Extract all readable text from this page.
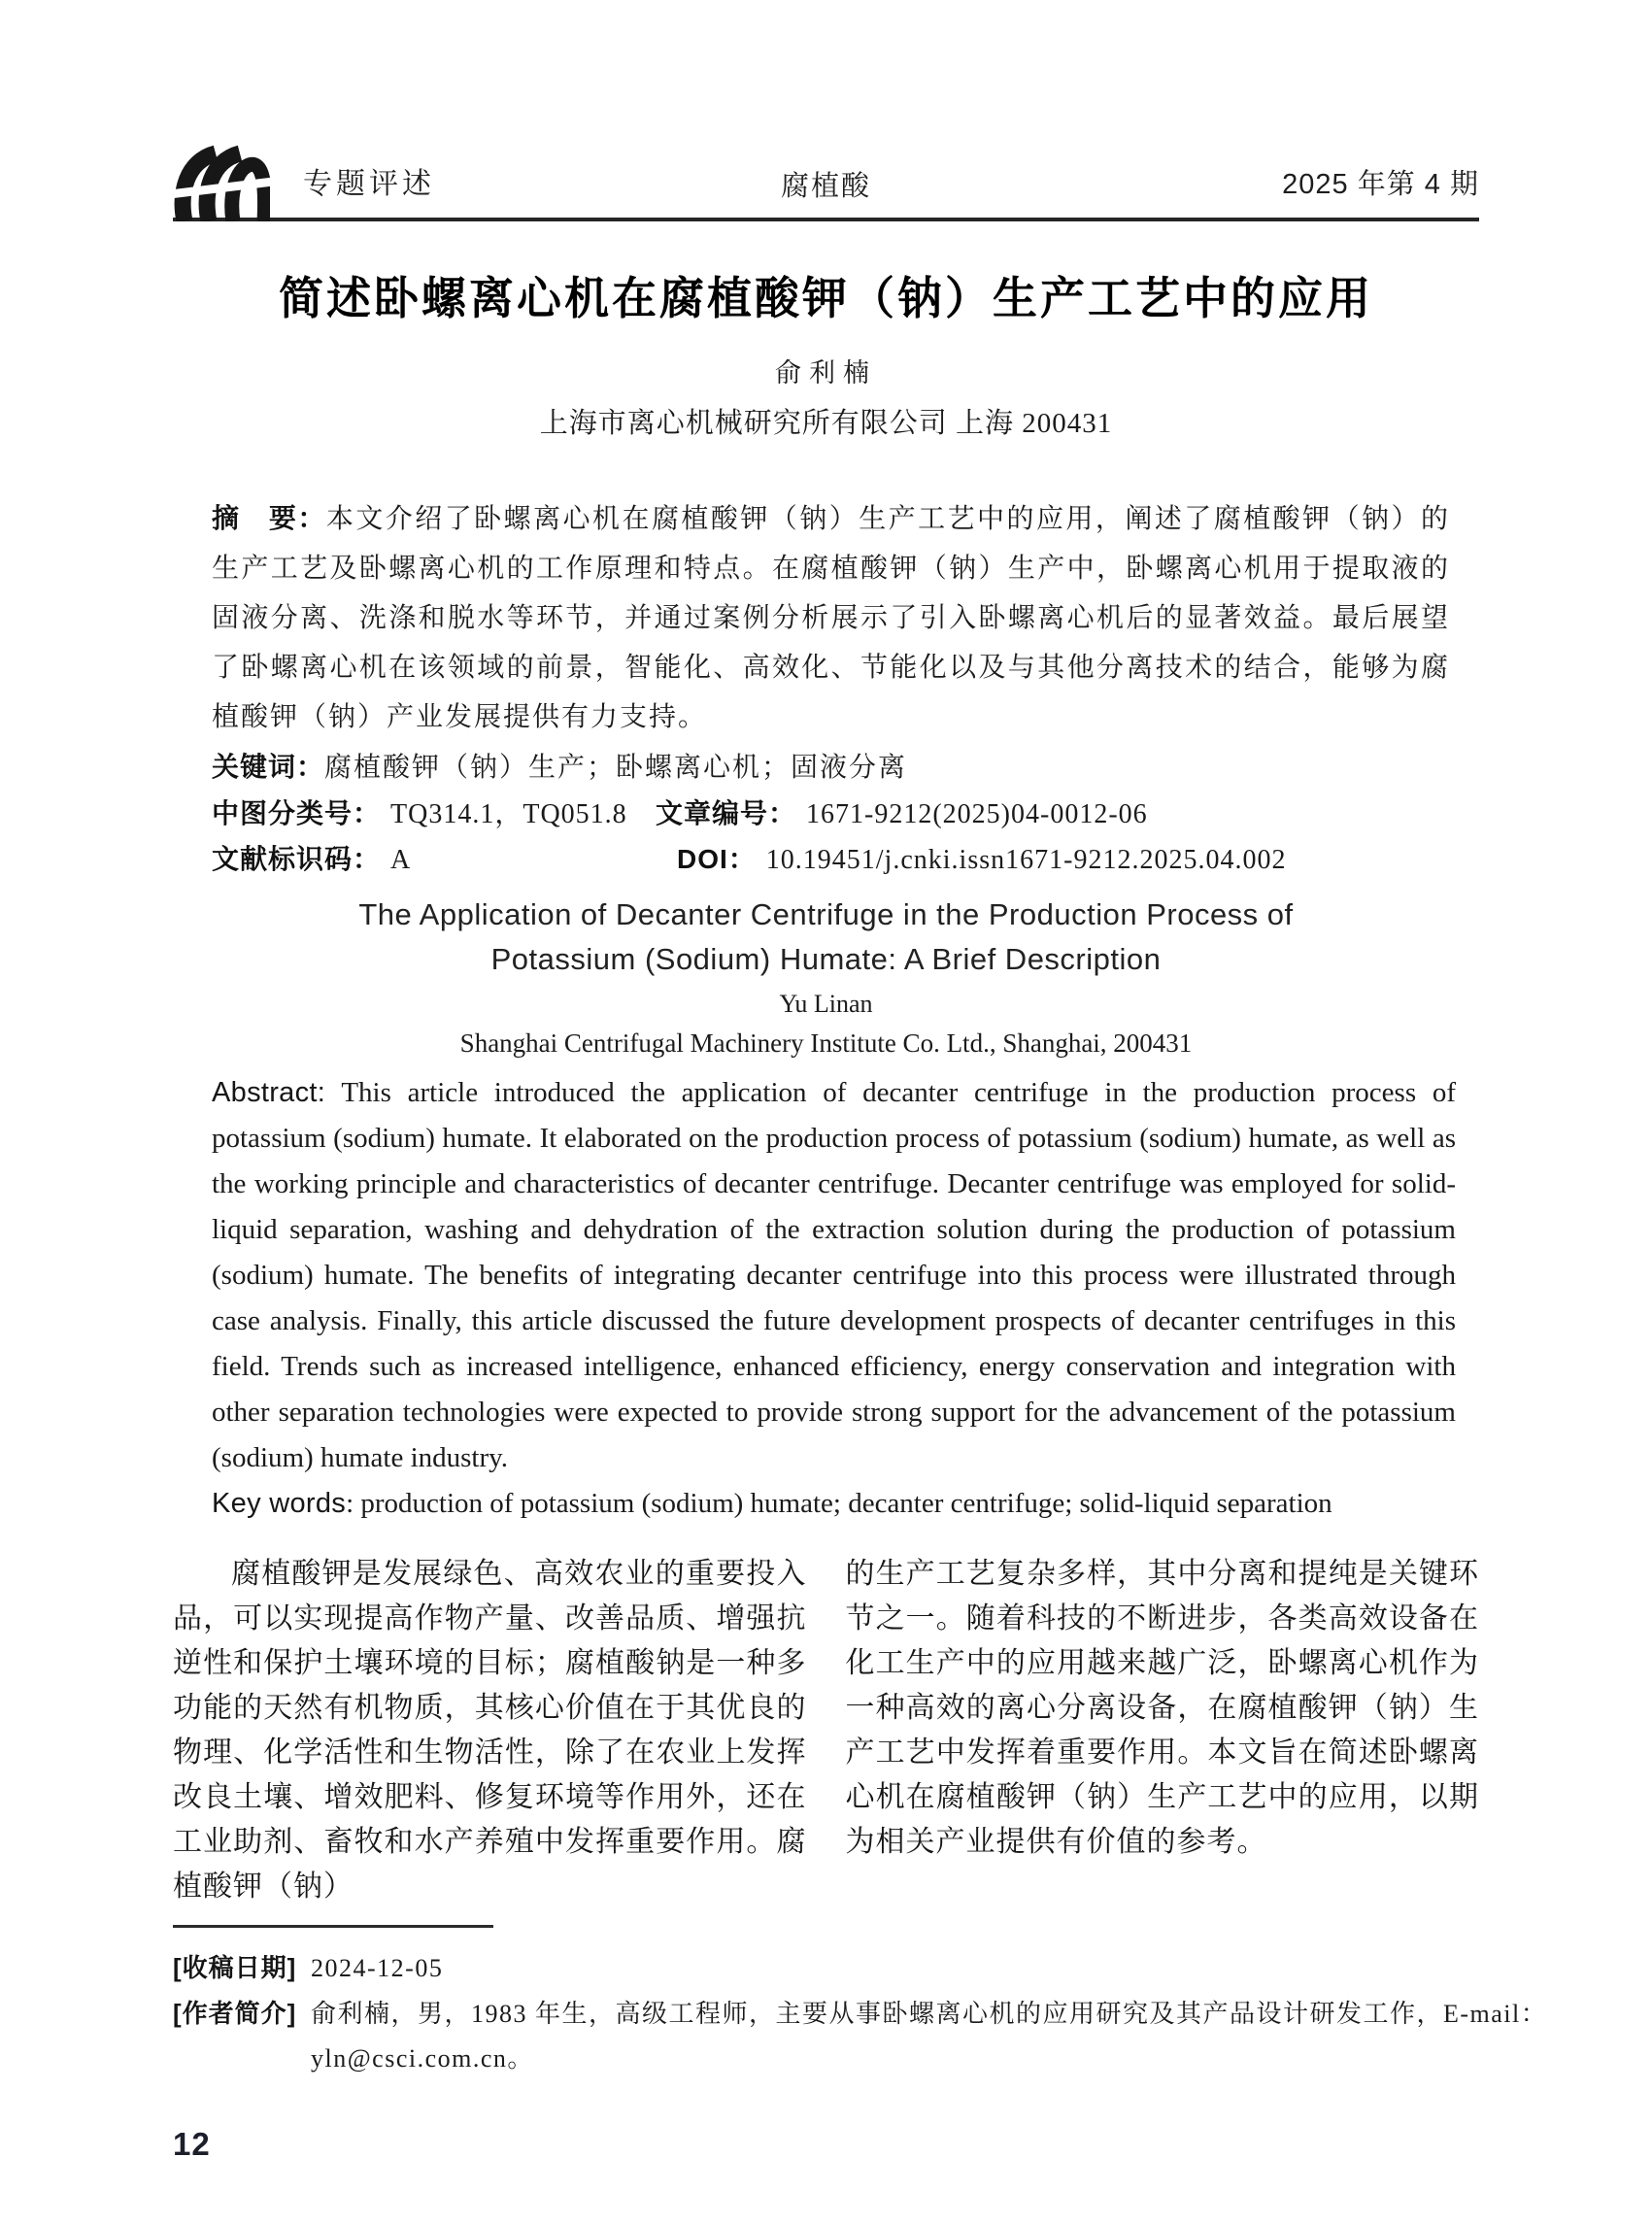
专题评述	腐植酸	2025 年第 4 期
简述卧螺离心机在腐植酸钾（钠）生产工艺中的应用
俞利楠
上海市离心机械研究所有限公司 上海 200431

摘　要：本文介绍了卧螺离心机在腐植酸钾（钠）生产工艺中的应用，阐述了腐植酸钾（钠）的生产工艺及卧螺离心机的工作原理和特点。在腐植酸钾（钠）生产中，卧螺离心机用于提取液的固液分离、洗涤和脱水等环节，并通过案例分析展示了引入卧螺离心机后的显著效益。最后展望了卧螺离心机在该领域的前景，智能化、高效化、节能化以及与其他分离技术的结合，能够为腐植酸钾（钠）产业发展提供有力支持。

关键词：腐植酸钾（钠）生产；卧螺离心机；固液分离

中图分类号： TQ314.1，TQ051.8	文章编号： 1671-9212(2025)04-0012-06
文献标识码： A	DOI： 10.19451/j.cnki.issn1671-9212.2025.04.002
The Application of Decanter Centrifuge in the Production Process of
Potassium (Sodium) Humate: A Brief Description
Yu Linan
Shanghai Centrifugal Machinery Institute Co. Ltd., Shanghai, 200431

Abstract: This article introduced the application of decanter centrifuge in the production process of potassium (sodium) humate. It elaborated on the production process of potassium (sodium) humate, as well as the working principle and characteristics of decanter centrifuge. Decanter centrifuge was employed for solid-liquid separation, washing and dehydration of the extraction solution during the production of potassium (sodium) humate. The benefits of integrating decanter centrifuge into this process were illustrated through case analysis. Finally, this article discussed the future development prospects of decanter centrifuges in this field. Trends such as increased intelligence, enhanced efficiency, energy conservation and integration with other separation technologies were expected to provide strong support for the advancement of the potassium (sodium) humate industry.

Key words: production of potassium (sodium) humate; decanter centrifuge; solid-liquid separation

腐植酸钾是发展绿色、高效农业的重要投入品，可以实现提高作物产量、改善品质、增强抗逆性和保护土壤环境的目标；腐植酸钠是一种多功能的天然有机物质，其核心价值在于其优良的物理、化学活性和生物活性，除了在农业上发挥改良土壤、增效肥料、修复环境等作用外，还在工业助剂、畜牧和水产养殖中发挥重要作用。腐植酸钾（钠）

的生产工艺复杂多样，其中分离和提纯是关键环节之一。随着科技的不断进步，各类高效设备在化工生产中的应用越来越广泛，卧螺离心机作为一种高效的离心分离设备，在腐植酸钾（钠）生产工艺中发挥着重要作用。本文旨在简述卧螺离心机在腐植酸钾（钠）生产工艺中的应用，以期为相关产业提供有价值的参考。

[收稿日期] 2024-12-05
[作者简介] 俞利楠，男，1983 年生，高级工程师，主要从事卧螺离心机的应用研究及其产品设计研发工作，E-mail：
yln@csci.com.cn。
12
